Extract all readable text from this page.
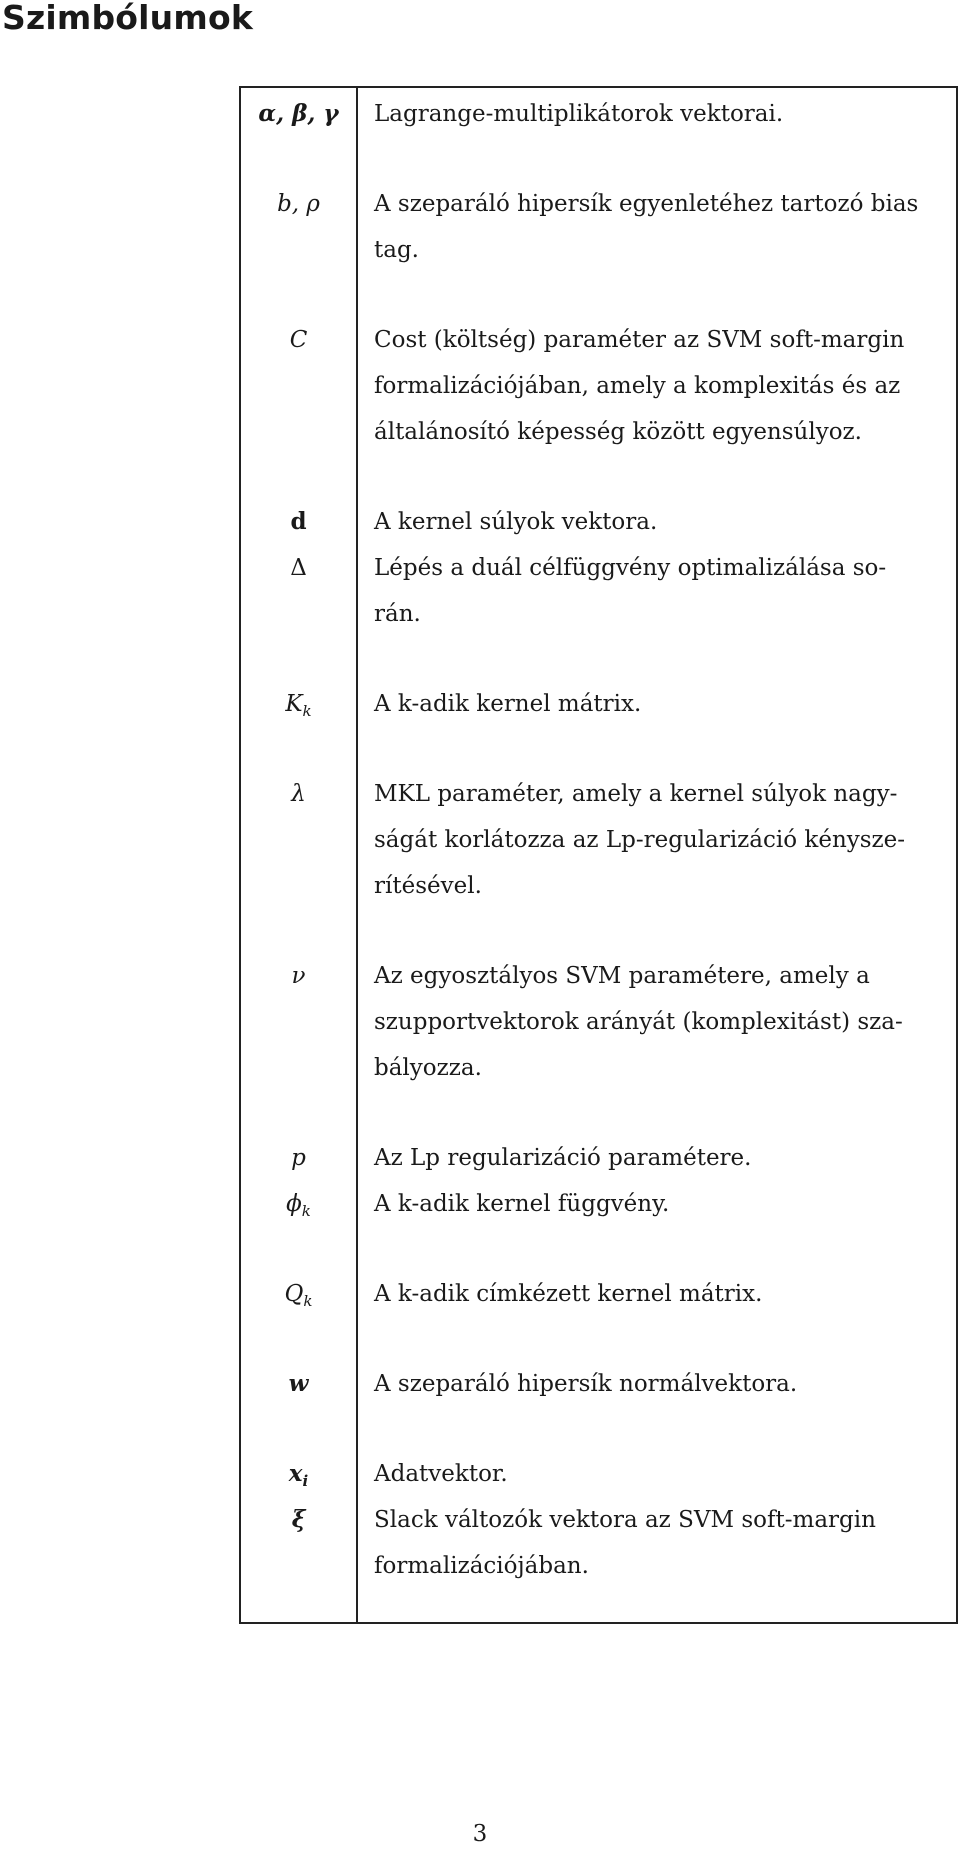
Szimbólumok
α, β, γ	Lagrange-multiplikátorok vektorai.
b, ρ	A szeparáló hipersík egyenletéhez tartozó bias
tag.
C	Cost (költség) paraméter az SVM soft-margin
formalizációjában, amely a komplexitás és az
általánosító képesség között egyensúlyoz.
d	A kernel súlyok vektora.
Δ	Lépés a duál célfüggvény optimalizálása so-
rán.
$K_k$	A k-adik kernel mátrix.
λ	MKL paraméter, amely a kernel súlyok nagy-
ságát korlátozza az Lp-regularizáció kénysze-
rítésével.
ν	Az egyosztályos SVM paramétere, amely a
szupportvektorok arányát (komplexitást) sza-
bályozza.
p	Az Lp regularizáció paramétere.
$\phi_k$	A k-adik kernel függvény.
$Q_k$	A k-adik címkézett kernel mátrix.
w	A szeparáló hipersík normálvektora.
$x_i$	Adatvektor.
ξ	Slack változók vektora az SVM soft-margin
formalizációjában.
3
